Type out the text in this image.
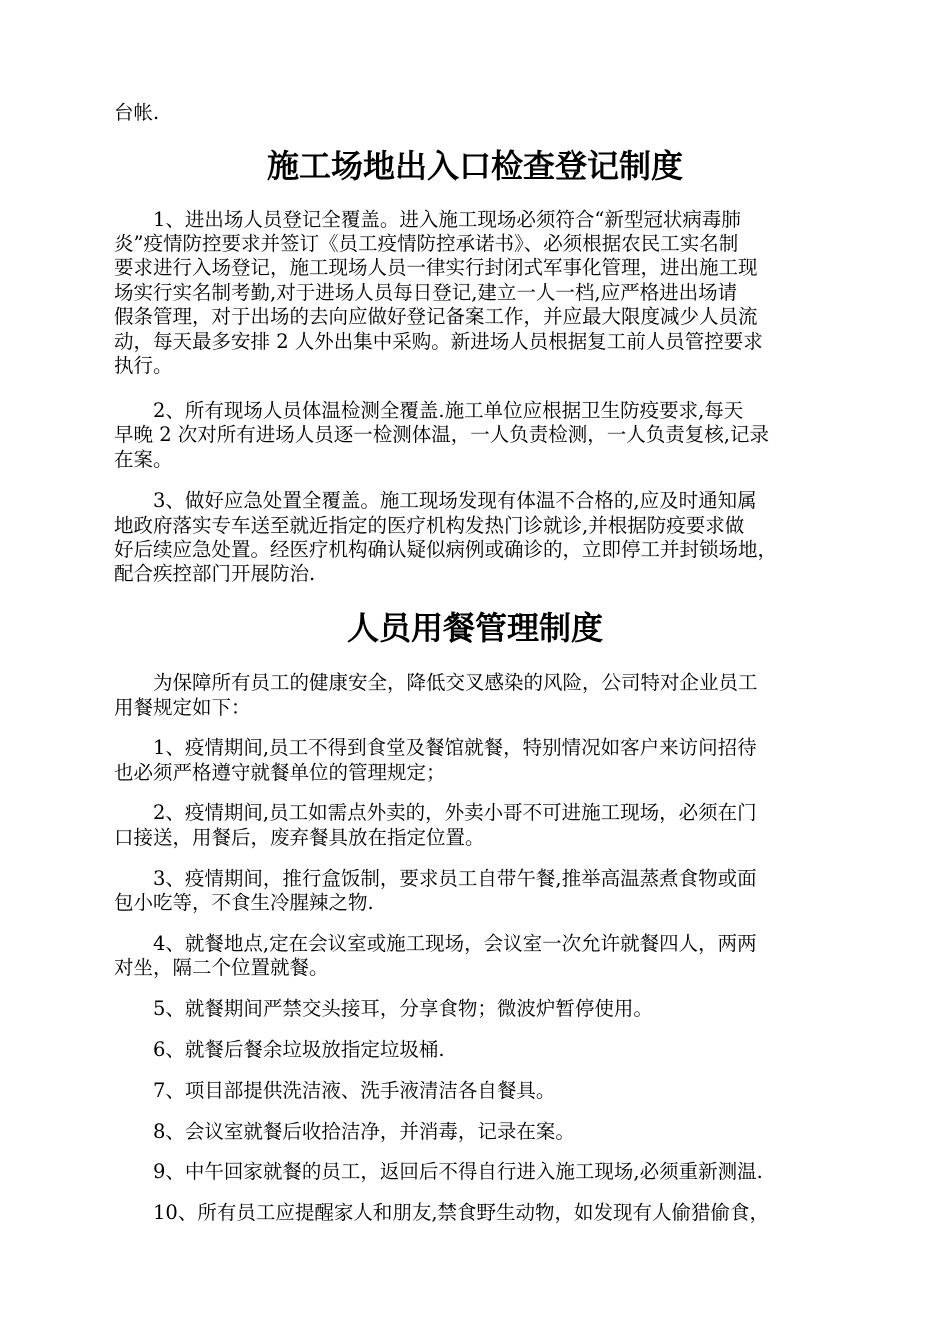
台帐.
施工场地出入口检查登记制度
　　1、进出场人员登记全覆盖。进入施工现场必须符合“新型冠状病毒肺
炎”疫情防控要求并签订《员工疫情防控承诺书》、必须根据农民工实名制
要求进行入场登记，施工现场人员一律实行封闭式军事化管理，进出施工现
场实行实名制考勤,对于进场人员每日登记,建立一人一档,应严格进出场请
假条管理，对于出场的去向应做好登记备案工作，并应最大限度减少人员流
动，每天最多安排 2 人外出集中采购。新进场人员根据复工前人员管控要求
执行。
　　2、所有现场人员体温检测全覆盖.施工单位应根据卫生防疫要求,每天
早晚 2 次对所有进场人员逐一检测体温，一人负责检测，一人负责复核,记录
在案。
　　3、做好应急处置全覆盖。施工现场发现有体温不合格的,应及时通知属
地政府落实专车送至就近指定的医疗机构发热门诊就诊,并根据防疫要求做
好后续应急处置。经医疗机构确认疑似病例或确诊的，立即停工并封锁场地，
配合疾控部门开展防治.
人员用餐管理制度
　　为保障所有员工的健康安全，降低交叉感染的风险，公司特对企业员工
用餐规定如下：
　　1、疫情期间,员工不得到食堂及餐馆就餐，特别情况如客户来访问招待
也必须严格遵守就餐单位的管理规定；
　　2、疫情期间,员工如需点外卖的，外卖小哥不可进施工现场，必须在门
口接送，用餐后，废弃餐具放在指定位置。
　　3、疫情期间，推行盒饭制，要求员工自带午餐,推举高温蒸煮食物或面
包小吃等，不食生冷腥辣之物.
　　4、就餐地点,定在会议室或施工现场，会议室一次允许就餐四人，两两
对坐，隔二个位置就餐。
　　5、就餐期间严禁交头接耳，分享食物；微波炉暂停使用。
　　6、就餐后餐余垃圾放指定垃圾桶.
　　7、项目部提供洗洁液、洗手液清洁各自餐具。
　　8、会议室就餐后收拾洁净，并消毒，记录在案。
　　9、中午回家就餐的员工，返回后不得自行进入施工现场,必须重新测温.
　　10、所有员工应提醒家人和朋友,禁食野生动物，如发现有人偷猎偷食，
